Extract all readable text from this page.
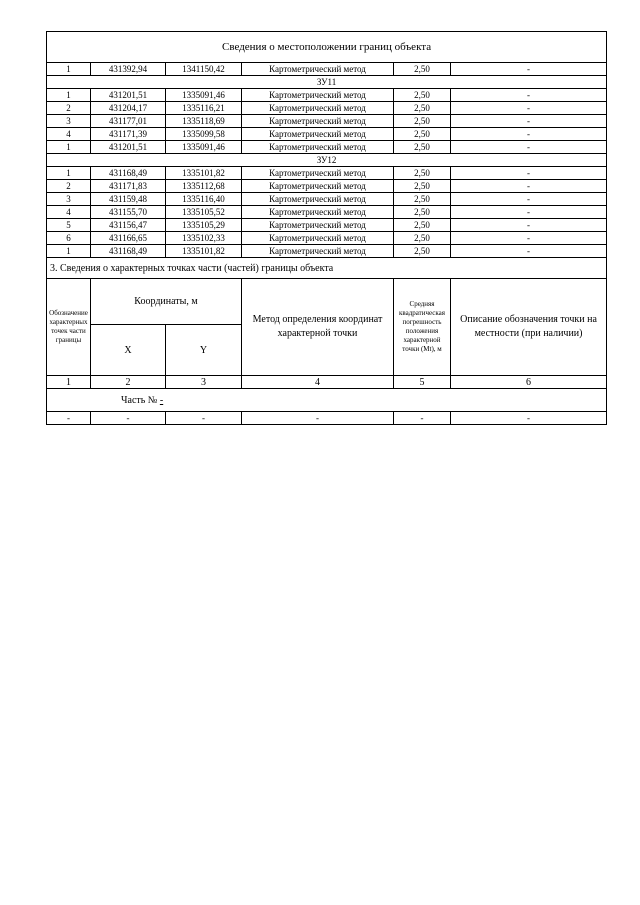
Сведения о местоположении границ объекта					
1	431392,94	1341150,42	Картометрический метод	2,50	-
ЗУ11					
1	431201,51	1335091,46	Картометрический метод	2,50	-
2	431204,17	1335116,21	Картометрический метод	2,50	-
3	431177,01	1335118,69	Картометрический метод	2,50	-
4	431171,39	1335099,58	Картометрический метод	2,50	-
1	431201,51	1335091,46	Картометрический метод	2,50	-
ЗУ12					
1	431168,49	1335101,82	Картометрический метод	2,50	-
2	431171,83	1335112,68	Картометрический метод	2,50	-
3	431159,48	1335116,40	Картометрический метод	2,50	-
4	431155,70	1335105,52	Картометрический метод	2,50	-
5	431156,47	1335105,29	Картометрический метод	2,50	-
6	431166,65	1335102,33	Картометрический метод	2,50	-
1	431168,49	1335101,82	Картометрический метод	2,50	-
3. Сведения о характерных точках части (частей) границы объекта					
Обозначение характерных точек части границы	Координаты, м		Метод определения координат характерной точки	Средняя квадратическая погрешность положения характерной точки (Mt), м	Описание обозначения точки на местности (при наличии)
	X	Y			
1	2	3	4	5	6
Часть № -					
-	-	-	-	-	-
